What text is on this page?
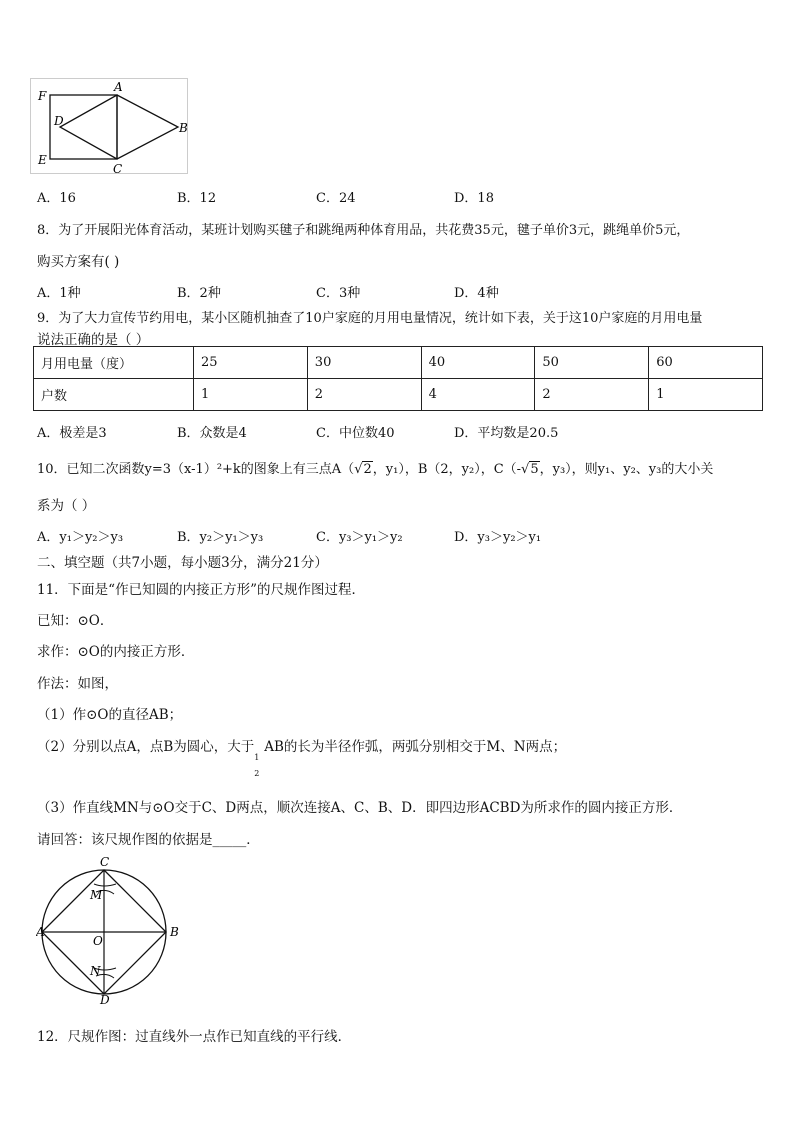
F
A
D	B
E
C
A．16	B．12	C．24	D．18
8．为了开展阳光体育活动，某班计划购买毽子和跳绳两种体育用品，共花费35元，毽子单价3元，跳绳单价5元，
购买方案有( )
A．1种	B．2种	C．3种	D．4种
9．为了大力宣传节约用电，某小区随机抽查了10户家庭的月用电量情况，统计如下表，关于这10户家庭的月用电量
说法正确的是（ ）
月用电量（度）	25	30	40	50	60
户数	1	2	4	2	1
A．极差是3	B．众数是4	C．中位数40	D．平均数是20.5
10．已知二次函数y=3（x-1）²+k的图象上有三点A（√2，y₁），B（2，y₂），C（-√5，y₃），则y₁、y₂、y₃的大小关
系为（ ）
A．y₁＞y₂＞y₃	B．y₂＞y₁＞y₃	C．y₃＞y₁＞y₂	D．y₃＞y₂＞y₁
二、填空题（共7小题，每小题3分，满分21分）
11．下面是“作已知圆的内接正方形”的尺规作图过程．
已知：⊙O．
求作：⊙O的内接正方形．
作法：如图，
（1）作⊙O的直径AB；
（2）分别以点A，点B为圆心，大于
1
2
AB的长为半径作弧，两弧分别相交于M、N两点；
（3）作直线MN与⊙O交于C、D两点，顺次连接A、C、B、D．即四边形ACBD为所求作的圆内接正方形．
请回答：该尺规作图的依据是_____．
C
M
A
O
B
N
D
12．尺规作图：过直线外一点作已知直线的平行线．
